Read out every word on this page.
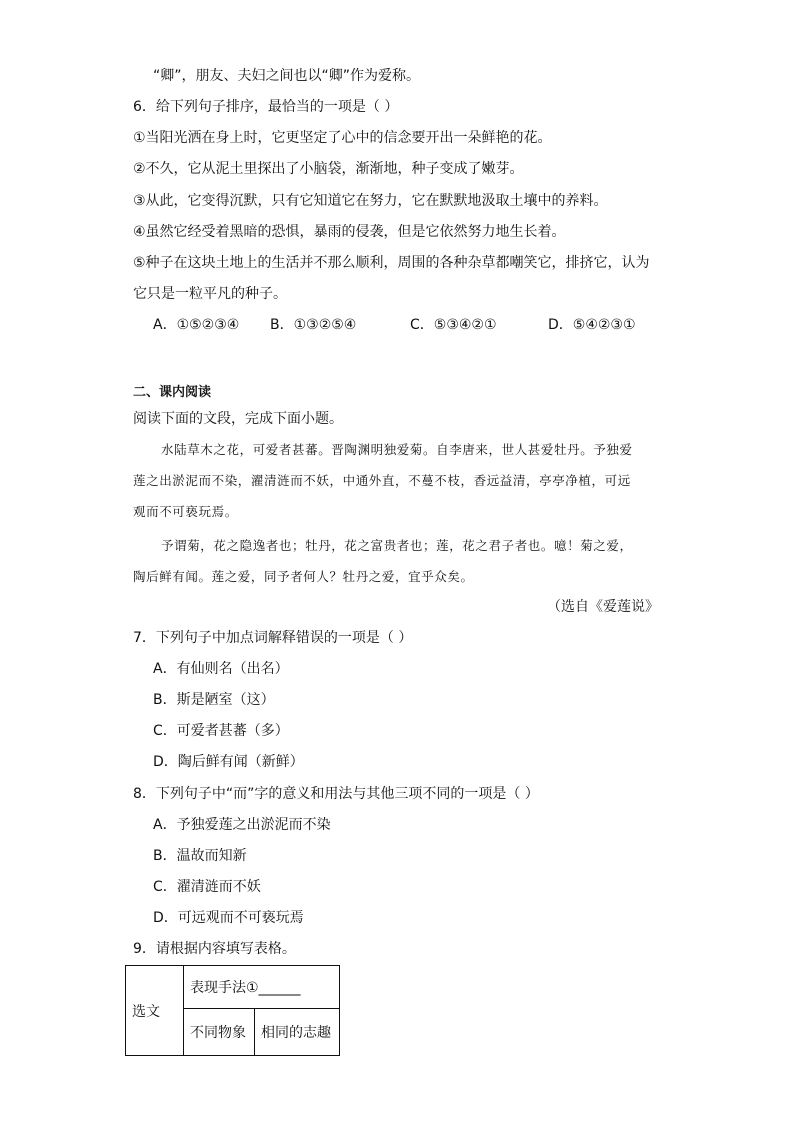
“卿”，朋友、夫妇之间也以“卿”作为爱称。
6．给下列句子排序，最恰当的一项是（ ）
①当阳光洒在身上时，它更坚定了心中的信念要开出一朵鲜艳的花。
②不久，它从泥土里探出了小脑袋，渐渐地，种子变成了嫩芽。
③从此，它变得沉默，只有它知道它在努力，它在默默地汲取土壤中的养料。
④虽然它经受着黑暗的恐惧，暴雨的侵袭，但是它依然努力地生长着。
⑤种子在这块土地上的生活并不那么顺利，周围的各种杂草都嘲笑它，排挤它，认为
它只是一粒平凡的种子。
A．①⑤②③④ B．①③②⑤④	C．⑤③④②①	D．⑤④②③①
二、课内阅读
阅读下面的文段，完成下面小题。
水陆草木之花，可爱者甚蕃。晋陶渊明独爱菊。自李唐来，世人甚爱牡丹。予独爱
莲之出淤泥而不染，濯清涟而不妖，中通外直，不蔓不枝，香远益清，亭亭净植，可远
观而不可亵玩焉。
予谓菊，花之隐逸者也；牡丹，花之富贵者也；莲，花之君子者也。噫！菊之爱，
陶后鲜有闻。莲之爱，同予者何人？牡丹之爱，宜乎众矣。
（选自《爱莲说》
7．下列句子中加点词解释错误的一项是（ ）
A．有仙则名（出名）
B．斯是陋室（这）
C．可爱者甚蕃（多）
D．陶后鲜有闻（新鲜）
8．下列句子中“而”字的意义和用法与其他三项不同的一项是（ ）
A．予独爱莲之出淤泥而不染
B．温故而知新
C．濯清涟而不妖
D．可远观而不可亵玩焉
9．请根据内容填写表格。
选文	表现手法①______	
	不同物象	相同的志趣
